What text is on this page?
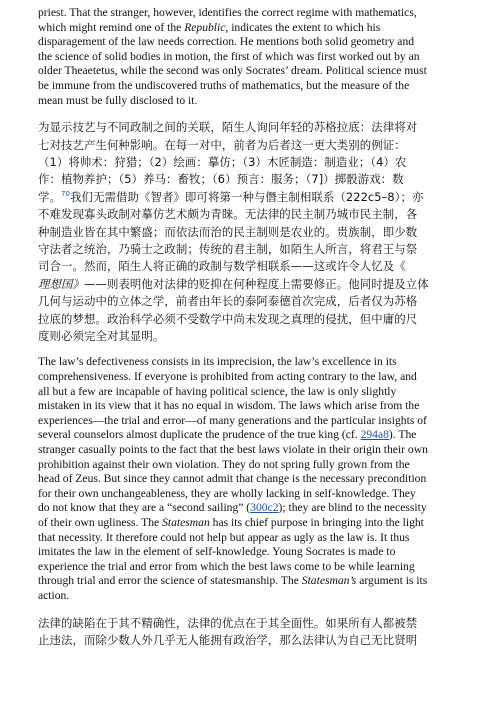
priest. That the stranger, however, identifies the correct regime with mathematics,
which might remind one of the Republic, indicates the extent to which his
disparagement of the law needs correction. He mentions both solid geometry and
the science of solid bodies in motion, the first of which was first worked out by an
older Theaetetus, while the second was only Socrates’ dream. Political science must
be immune from the undiscovered truths of mathematics, but the measure of the
mean must be fully disclosed to it.

为显示技艺与不同政制之间的关联，陌生人询问年轻的苏格拉底：法律将对
七对技艺产生何种影响。在每一对中，前者为后者这一更大类别的例证：
（1）将帅术：狩猎；（2）绘画：摹仿；（3）木匠制造：制造业；（4）农
作：植物养护；（5）养马：畜牧；（6）预言：服务；（7]）掷骰游戏：数
学。$^{70}$我们无需借助《智者》即可将第一种与僭主制相联系（222c5–8）；亦
不难发现寡头政制对摹仿艺术颇为青睐。无法律的民主制乃城市民主制，各
种制造业皆在其中繁盛；而依法而治的民主制则是农业的。贵族制，即少数
守法者之统治，乃骑士之政制；传统的君主制，如陌生人所言，将君王与祭
司合一。然而，陌生人将正确的政制与数学相联系——这或许令人忆及《
理想国》——则表明他对法律的贬抑在何种程度上需要修正。他同时提及立体
几何与运动中的立体之学，前者由年长的泰阿泰德首次完成，后者仅为苏格
拉底的梦想。政治科学必须不受数学中尚未发现之真理的侵扰，但中庸的尺
度则必须完全对其显明。

The law’s defectiveness consists in its imprecision, the law’s excellence in its
comprehensiveness. If everyone is prohibited from acting contrary to the law, and
all but a few are incapable of having political science, the law is only slightly
mistaken in its view that it has no equal in wisdom. The laws which arise from the
experiences—the trial and error—of many generations and the particular insights of
several counselors almost duplicate the prudence of the true king (cf. 294a8). The
stranger casually points to the fact that the best laws violate in their origin their own
prohibition against their own violation. They do not spring fully grown from the
head of Zeus. But since they cannot admit that change is the necessary precondition
for their own unchangeableness, they are wholly lacking in self-knowledge. They
do not know that they are a “second sailing” (300c2); they are blind to the necessity
of their own ugliness. The Statesman has its chief purpose in bringing into the light
that necessity. It therefore could not help but appear as ugly as the law is. It thus
imitates the law in the element of self-knowledge. Young Socrates is made to
experience the trial and error from which the best laws come to be while learning
through trial and error the science of statesmanship. The Statesman’s argument is its
action.

法律的缺陷在于其不精确性，法律的优点在于其全面性。如果所有人都被禁
止违法，而除少数人外几乎无人能拥有政治学，那么法律认为自己无比贤明
